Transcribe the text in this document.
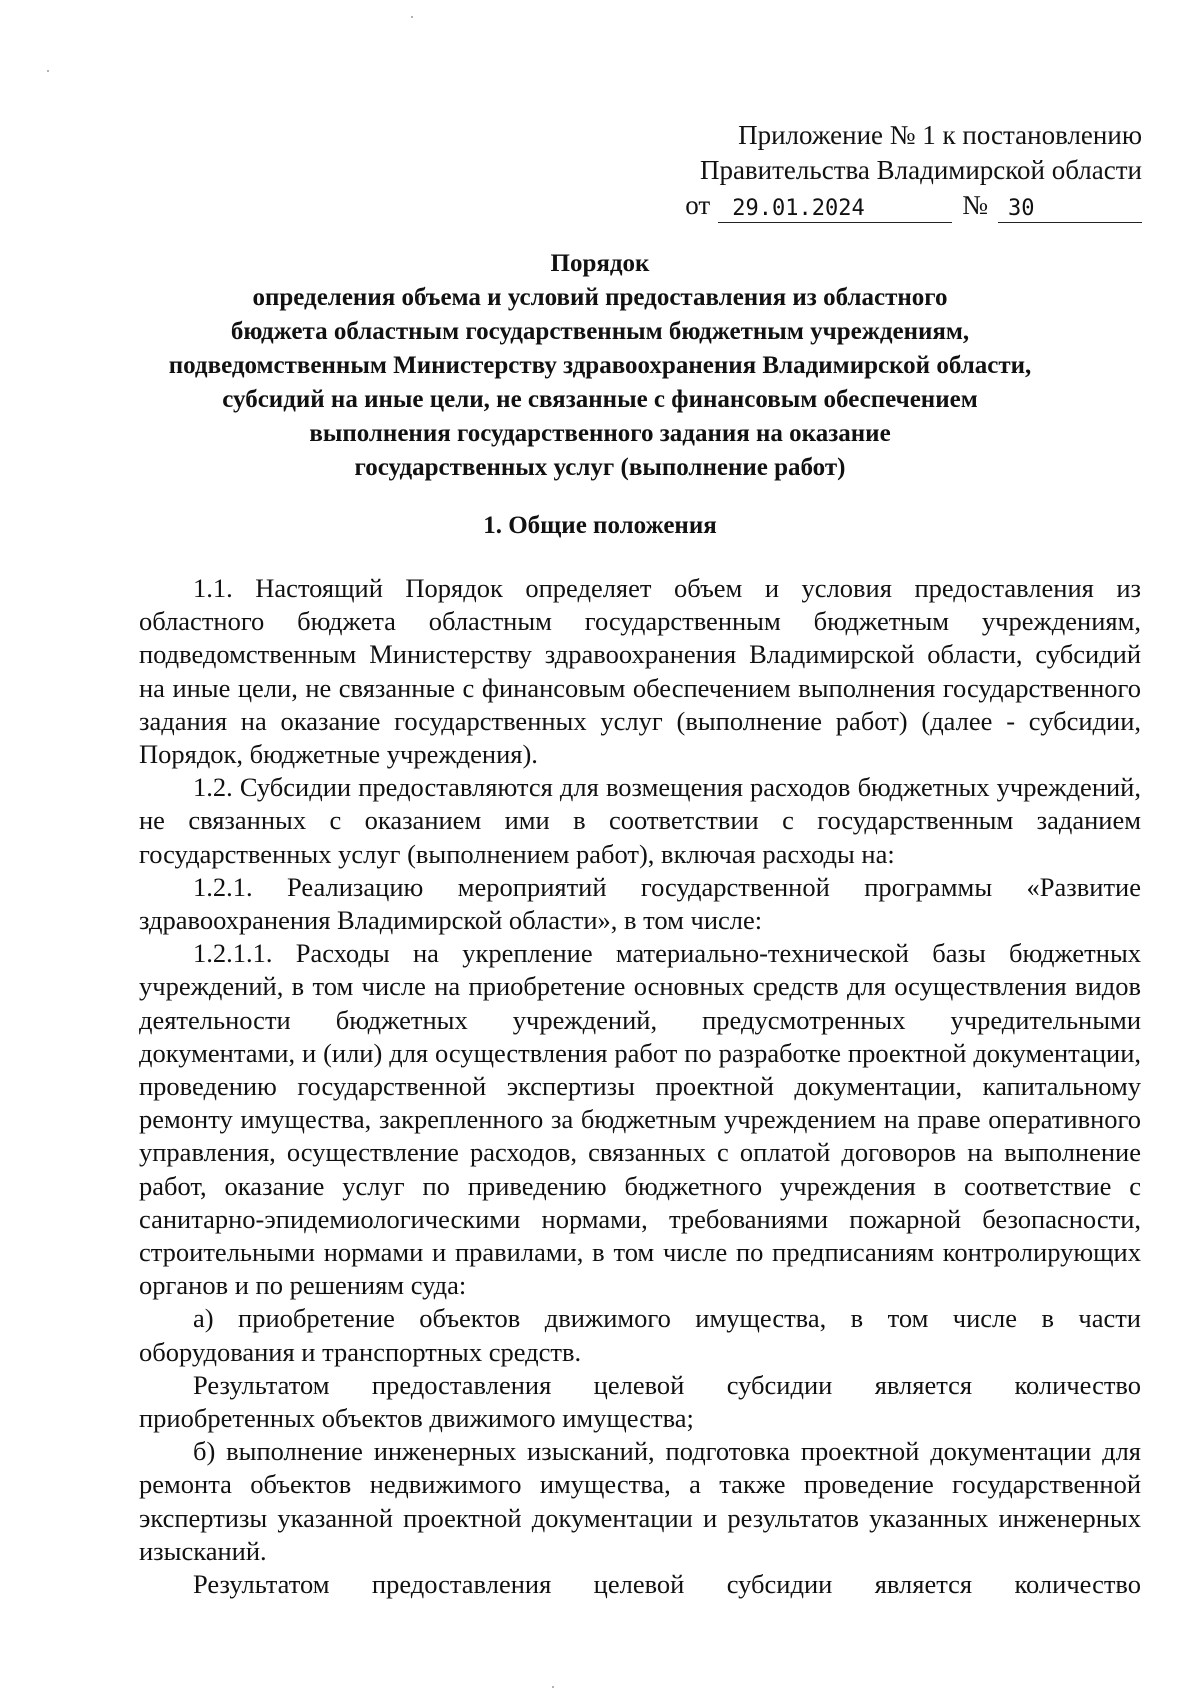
Приложение № 1 к постановлению
Правительства Владимирской области
от	29.01.2024	№ 30
Порядок
определения объема и условий предоставления из областного
бюджета областным государственным бюджетным учреждениям,
подведомственным Министерству здравоохранения Владимирской области,
субсидий на иные цели, не связанные с финансовым обеспечением
выполнения государственного задания на оказание
государственных услуг (выполнение работ)
1. Общие положения

1.1. Настоящий Порядок определяет объем и условия предоставления из областного бюджета областным государственным бюджетным учреждениям, подведомственным Министерству здравоохранения Владимирской области, субсидий на иные цели, не связанные с финансовым обеспечением выполнения государственного задания на оказание государственных услуг (выполнение работ) (далее - субсидии, Порядок, бюджетные учреждения).

1.2. Субсидии предоставляются для возмещения расходов бюджетных учреждений, не связанных с оказанием ими в соответствии с государственным заданием государственных услуг (выполнением работ), включая расходы на:

1.2.1. Реализацию мероприятий государственной программы «Развитие здравоохранения Владимирской области», в том числе:

1.2.1.1. Расходы на укрепление материально-технической базы бюджетных учреждений, в том числе на приобретение основных средств для осуществления видов деятельности бюджетных учреждений, предусмотренных учредительными документами, и (или) для осуществления работ по разработке проектной документации, проведению государственной экспертизы проектной документации, капитальному ремонту имущества, закрепленного за бюджетным учреждением на праве оперативного управления, осуществление расходов, связанных с оплатой договоров на выполнение работ, оказание услуг по приведению бюджетного учреждения в соответствие с санитарно-эпидемиологическими нормами, требованиями пожарной безопасности, строительными нормами и правилами, в том числе по предписаниям контролирующих органов и по решениям суда:

а) приобретение объектов движимого имущества, в том числе в части оборудования и транспортных средств.

Результатом предоставления целевой субсидии является количество приобретенных объектов движимого имущества;

б) выполнение инженерных изысканий, подготовка проектной документации для ремонта объектов недвижимого имущества, а также проведение государственной экспертизы указанной проектной документации и результатов указанных инженерных изысканий.

Результатом предоставления целевой субсидии является количество
